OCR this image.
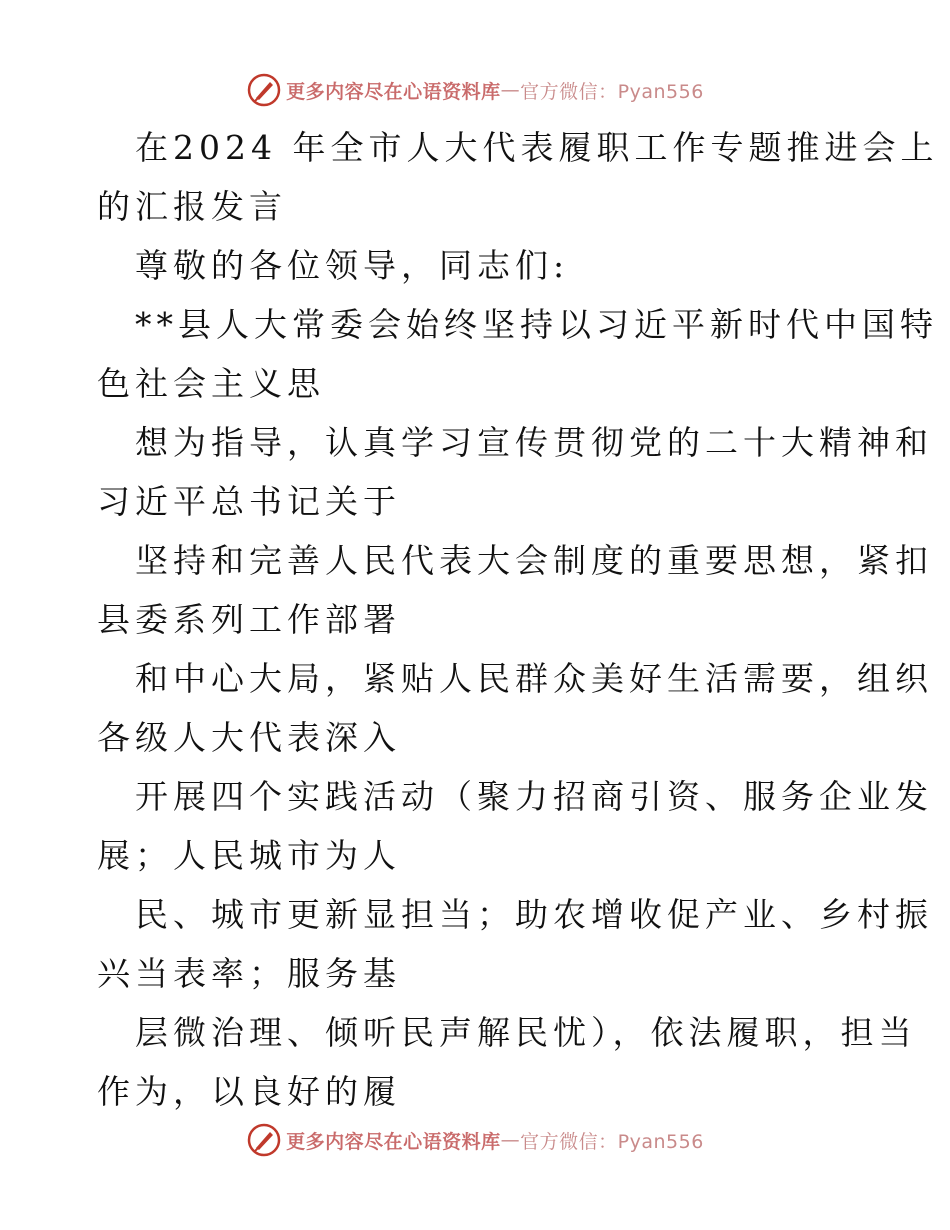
更多内容尽在心语资料库 — 官方微信：Pyan556
在2024 年全市人大代表履职工作专题推进会上
的汇报发言
尊敬的各位领导，同志们:
**县人大常委会始终坚持以习近平新时代中国特
色社会主义思
想为指导，认真学习宣传贯彻党的二十大精神和
习近平总书记关于
坚持和完善人民代表大会制度的重要思想，紧扣
县委系列工作部署
和中心大局，紧贴人民群众美好生活需要，组织
各级人大代表深入
开展四个实践活动（聚力招商引资、服务企业发
展；人民城市为人
民、城市更新显担当；助农增收促产业、乡村振
兴当表率；服务基
层微治理、倾听民声解民忧），依法履职，担当
作为，以良好的履
更多内容尽在心语资料库 — 官方微信：Pyan556
